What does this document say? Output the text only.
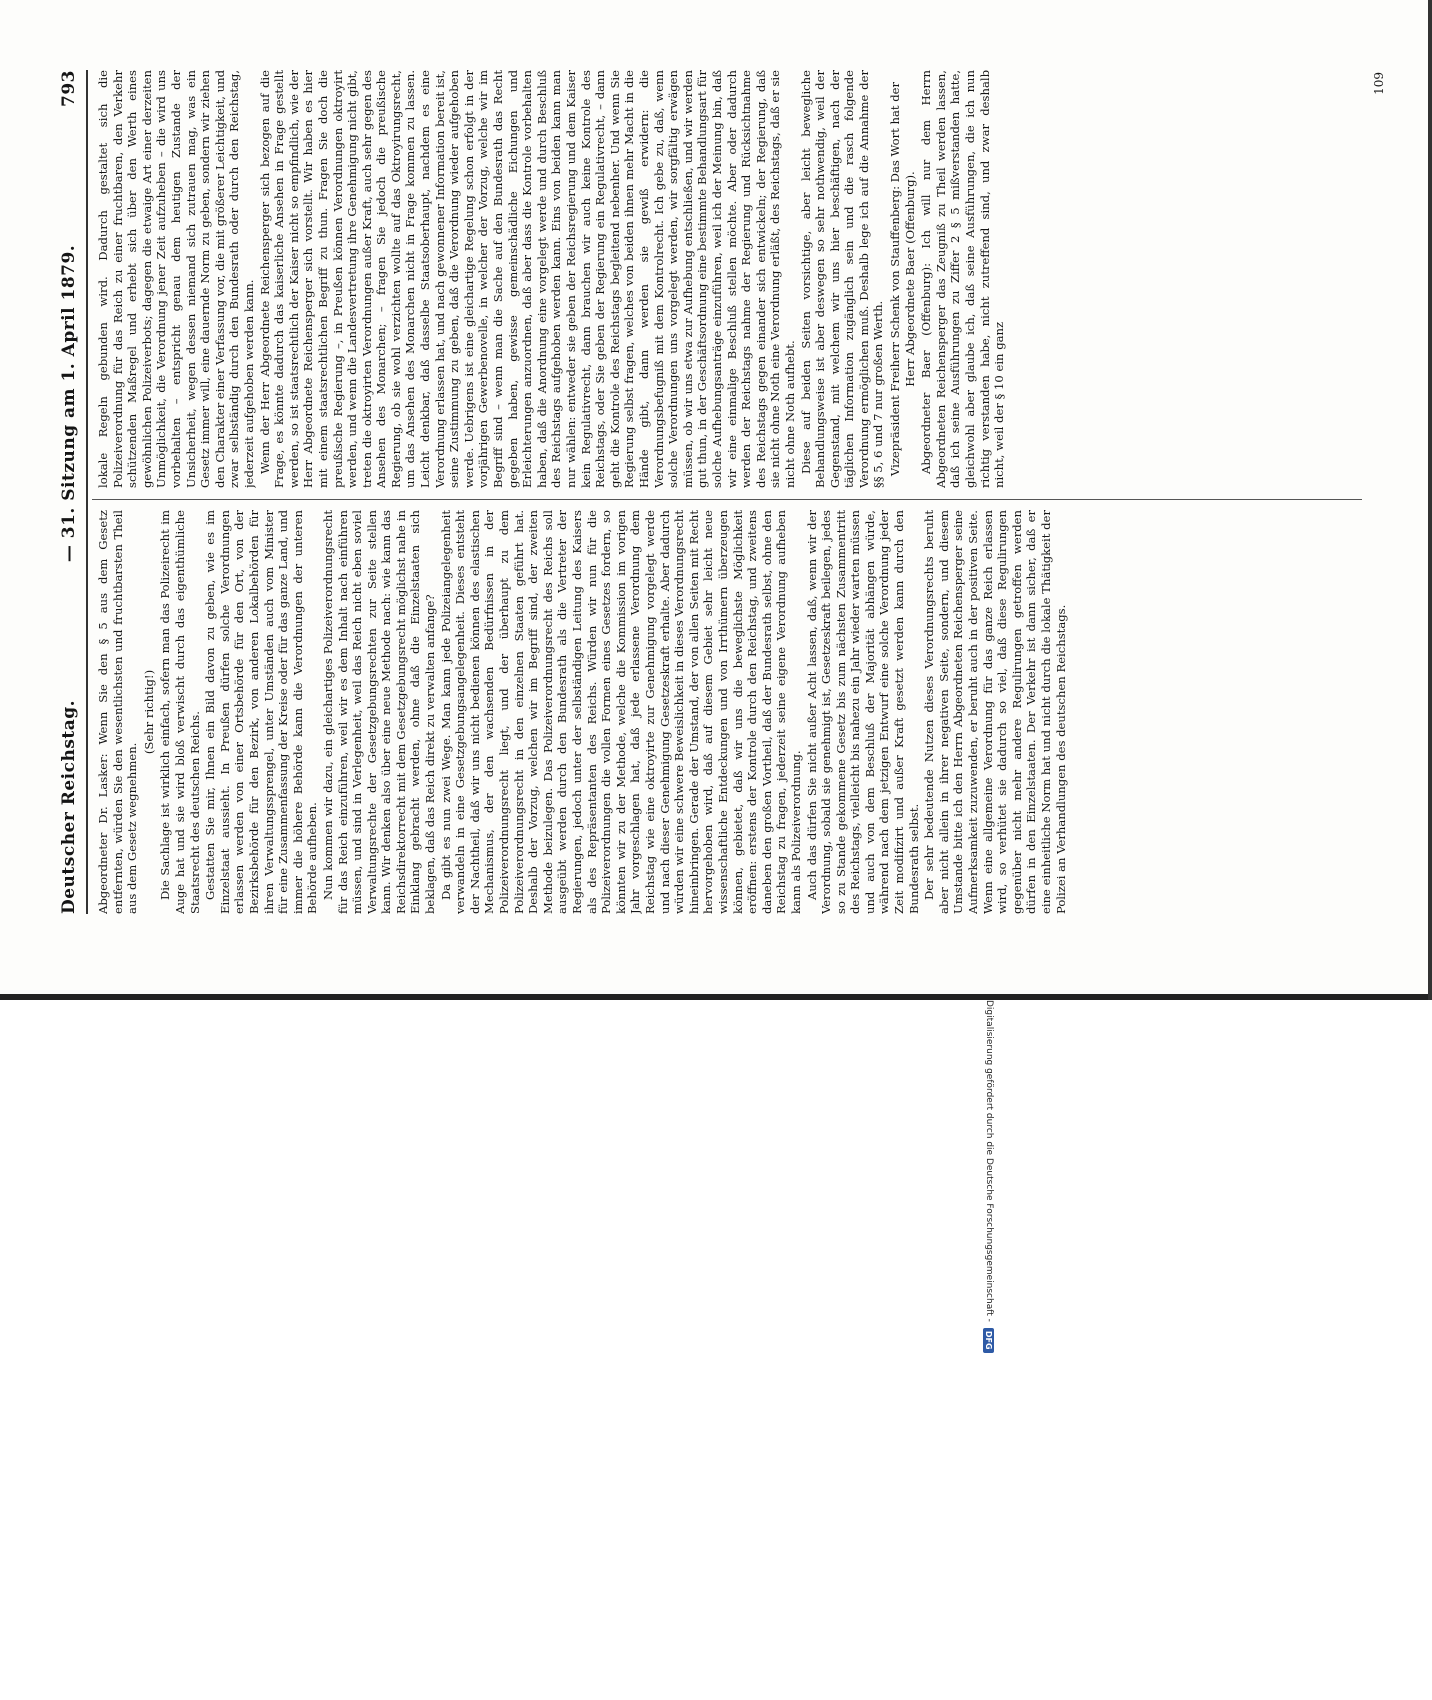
Deutscher Reichstag.
— 31. Sitzung am 1. April 1879.
793

Abgeordneter Dr. Lasker: Wenn Sie den § 5 aus dem Gesetz entfernten, würden Sie den wesentlichsten und fruchtbarsten Theil aus dem Gesetz wegnehmen.

(Sehr richtig!) Die Sachlage ist wirklich einfach, sofern man das Polizeirecht im Auge hat und sie wird bloß verwischt durch das eigenthümliche Staatsrecht des deutschen Reichs. Gestatten Sie mir, Ihnen ein Bild davon zu geben, wie es im Einzelstaat aussieht. In Preußen dürfen solche Verordnungen erlassen werden von einer Ortsbehörde für den Ort, von der Bezirksbehörde für den Bezirk, von anderen Lokalbehörden für ihren Verwaltungssprengel, unter Umständen auch vom Minister für eine Zusammenfassung der Kreise oder für das ganze Land, und immer die höhere Behörde kann die Verordnungen der unteren Behörde aufheben. Nun kommen wir dazu, ein gleichartiges Polizeiverordnungsrecht für das Reich einzuführen, weil wir es dem Inhalt nach einführen müssen, und sind in Verlegenheit, weil das Reich nicht eben soviel Verwaltungsrechte der Gesetzgebungsrechten zur Seite stellen kann. Wir denken also über eine neue Methode nach: wie kann das Reichsdirektorrecht mit dem Gesetzgebungsrecht möglichst nahe in Einklang gebracht werden, ohne daß die Einzelstaaten sich beklagen, daß das Reich direkt zu verwalten anfange? Da gibt es nun zwei Wege. Man kann jede Polizeiangelegenheit verwandeln in eine Gesetzgebungsangelegenheit. Dieses entsteht der Nachtheil, daß wir uns nicht bedienen können des elastischen Mechanismus, der den wachsenden Bedürfnissen in der Polizeiverordnungsrecht liegt, und der überhaupt zu dem Polizeiverordnungsrecht in den einzelnen Staaten geführt hat. Deshalb der Vorzug, welchen wir im Begriff sind, der zweiten Methode beizulegen. Das Polizeiverordnungsrecht des Reichs soll ausgeübt werden durch den Bundesrath als die Vertreter der Regierungen, jedoch unter der selbständigen Leitung des Kaisers als des Repräsentanten des Reichs. Würden wir nun für die Polizeiverordnungen die vollen Formen eines Gesetzes fordern, so könnten wir zu der Methode, welche die Kommission im vorigen Jahr vorgeschlagen hat, daß jede erlassene Verordnung dem Reichstag wie eine oktroyirte zur Genehmigung vorgelegt werde und nach dieser Genehmigung Gesetzeskraft erhalte. Aber dadurch würden wir eine schwere Beweislichkeit in dieses Verordnungsrecht hineinbringen. Gerade der Umstand, der von allen Seiten mit Recht hervorgehoben wird, daß auf diesem Gebiet sehr leicht neue wissenschaftliche Entdeckungen und von Irrthümern überzeugen können, gebietet, daß wir uns die beweglichste Möglichkeit eröffnen: erstens der Kontrole durch den Reichstag, und zweitens daneben den großen Vortheil, daß der Bundesrath selbst, ohne den Reichstag zu fragen, jederzeit seine eigene Verordnung aufheben kann als Polizeiverordnung. Auch das dürfen Sie nicht außer Acht lassen, daß, wenn wir der Verordnung, sobald sie genehmigt ist, Gesetzeskraft beilegen, jedes so zu Stande gekommene Gesetz bis zum nächsten Zusammentritt des Reichstags, vielleicht bis nahezu ein Jahr wieder warten müssen und auch von dem Beschluß der Majorität abhängen würde, während nach dem jetzigen Entwurf eine solche Verordnung jeder Zeit modifizirt und außer Kraft gesetzt werden kann durch den Bundesrath selbst. Der sehr bedeutende Nutzen dieses Verordnungsrechts beruht aber nicht allein in ihrer negativen Seite, sondern, und diesem Umstande bitte ich den Herrn Abgeordneten Reichensperger seine Aufmerksamkeit zuzuwenden, er beruht auch in der positiven Seite. Wenn eine allgemeine Verordnung für das ganze Reich erlassen wird, so verhütet sie dadurch so viel, daß diese Regulirungen gegenüber nicht mehr andere Regulirungen getroffen werden dürfen in den Einzelstaaten. Der Verkehr ist dann sicher, daß er eine einheitliche Norm hat und nicht durch die lokale Thätigkeit der Polizei an Verhandlungen des deutschen Reichstags.

lokale Regeln gebunden wird. Dadurch gestaltet sich die Polizeiverordnung für das Reich zu einer fruchtbaren, den Verkehr schützenden Maßregel und erhebt sich über den Werth eines gewöhnlichen Polizeiverbots; dagegen die etwaige Art einer derzeiten Unmöglichkeit, die Verordnung jener Zeit aufzuheben – die wird uns vorbehalten – entspricht genau dem heutigen Zustande der Unsicherheit, wegen dessen niemand sich zutrauen mag, was ein Gesetz immer will, eine dauernde Norm zu geben, sondern wir ziehen den Charakter einer Verfassung vor, die mit größerer Leichtigkeit, und zwar selbständig durch den Bundesrath oder durch den Reichstag, jederzeit aufgehoben werden kann. Wenn der Herr Abgeordnete Reichensperger sich bezogen auf die Frage, es könnte dadurch das kaiserliche Ansehen in Frage gestellt werden, so ist staatsrechtlich der Kaiser nicht so empfindlich, wie der Herr Abgeordnete Reichensperger sich vorstellt. Wir haben es hier mit einem staatsrechtlichen Begriff zu thun. Fragen Sie doch die preußische Regierung –, in Preußen können Verordnungen oktroyirt werden, und wenn die Landesvertretung ihre Genehmigung nicht gibt, treten die oktroyirten Verordnungen außer Kraft, auch sehr gegen des Ansehen des Monarchen; – fragen Sie jedoch die preußische Regierung, ob sie wohl verzichten wollte auf das Oktroyirungsrecht, um das Ansehen des Monarchen nicht in Frage kommen zu lassen. Leicht denkbar, daß dasselbe Staatsoberhaupt, nachdem es eine Verordnung erlassen hat, und nach gewonnener Information bereit ist, seine Zustimmung zu geben, daß die Verordnung wieder aufgehoben werde. Uebrigens ist eine gleichartige Regelung schon erfolgt in der vorjährigen Gewerbenovelle, in welcher der Vorzug, welche wir im Begriff sind – wenn man die Sache auf den Bundesrath das Recht gegeben haben, gewisse gemeinschädliche Eichungen und Erleichterungen anzuordnen, daß aber dass die Kontrole vorbehalten haben, daß die Anordnung eine vorgelegt werde und durch Beschluß des Reichstags aufgehoben werden kann. Eins von beiden kann man nur wählen: entweder sie geben der Reichsregierung und dem Kaiser kein Regulativrecht, dann brauchen wir auch keine Kontrole des Reichstags, oder Sie geben der Regierung ein Regulativrecht, – dann geht die Kontrole des Reichstags begleitend nebenher. Und wenn Sie Regierung selbst fragen, welches von beiden ihnen mehr Macht in die Hände gibt, dann werden sie gewiß erwidern: die Verordnungsbefugniß mit dem Kontrolrecht. Ich gebe zu, daß, wenn solche Verordnungen uns vorgelegt werden, wir sorgfältig erwägen müssen, ob wir uns etwa zur Aufhebung entschließen, und wir werden gut thun, in der Geschäftsordnung eine bestimmte Behandlungsart für solche Aufhebungsanträge einzuführen, weil ich der Meinung bin, daß wir eine einmalige Beschluß stellen möchte. Aber oder dadurch werden der Reichstags nahme der Regierung und Rücksichtnahme des Reichstags gegen einander sich entwickeln; der Regierung, daß sie nicht ohne Noth eine Verordnung erläßt, des Reichstags, daß er sie nicht ohne Noth aufhebt. Diese auf beiden Seiten vorsichtige, aber leicht bewegliche Behandlungsweise ist aber deswegen so sehr nothwendig, weil der Gegenstand, mit welchem wir uns hier beschäftigen, nach der täglichen Information zugänglich sein und die rasch folgende Verordnung ermöglichen muß. Deshalb lege ich auf die Annahme der §§ 5, 6 und 7 nur großen Werth. Vizepräsident Freiherr Schenk von Stauffenberg: Das Wort hat der Herr Abgeordnete Baer (Offenburg). Abgeordneter Baer (Offenburg): Ich will nur dem Herrn Abgeordneten Reichensperger das Zeugniß zu Theil werden lassen, daß ich seine Ausführungen zu Ziffer 2 § 5 mißverstanden hatte, gleichwohl aber glaube ich, daß seine Ausführungen, die ich nun richtig verstanden habe, nicht zutreffend sind, und zwar deshalb nicht, weil der § 10 ein ganz

109
Digitalisierung gefördert durch die Deutsche Forschungsgemeinschaft -
DFG
